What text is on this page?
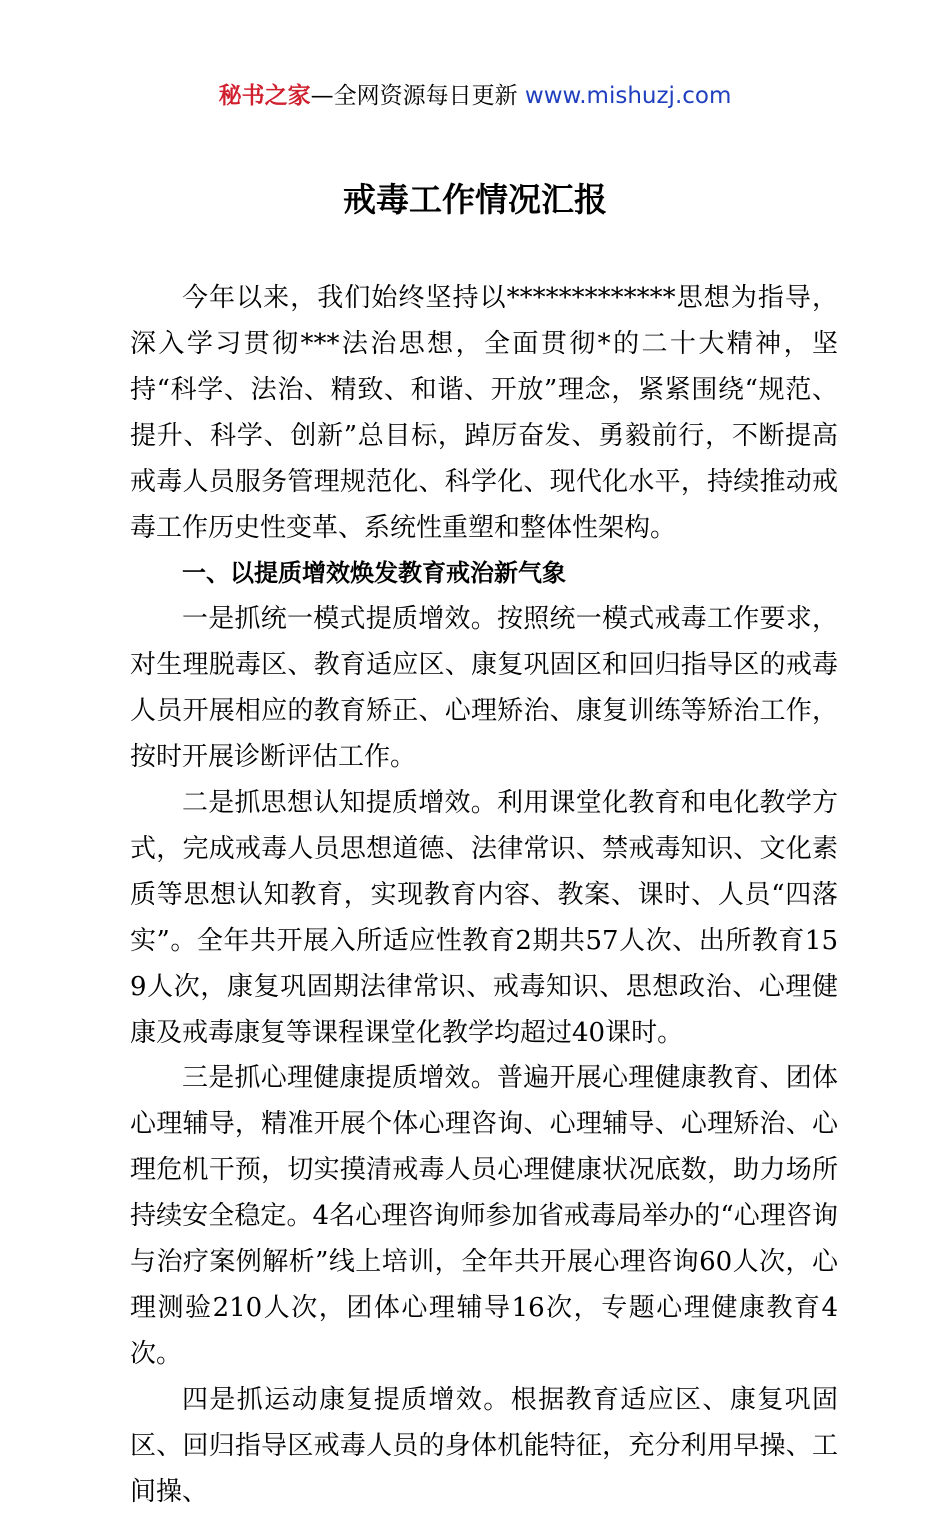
秘书之家—全网资源每日更新 www.mishuzj.com
戒毒工作情况汇报

今年以来，我们始终坚持以*************思想为指导，深入学习贯彻***法治思想，全面贯彻*的二十大精神，坚持“科学、法治、精致、和谐、开放”理念，紧紧围绕“规范、提升、科学、创新”总目标，踔厉奋发、勇毅前行，不断提高戒毒人员服务管理规范化、科学化、现代化水平，持续推动戒毒工作历史性变革、系统性重塑和整体性架构。

一、以提质增效焕发教育戒治新气象

一是抓统一模式提质增效。按照统一模式戒毒工作要求，对生理脱毒区、教育适应区、康复巩固区和回归指导区的戒毒人员开展相应的教育矫正、心理矫治、康复训练等矫治工作，按时开展诊断评估工作。

二是抓思想认知提质增效。利用课堂化教育和电化教学方式，完成戒毒人员思想道德、法律常识、禁戒毒知识、文化素质等思想认知教育，实现教育内容、教案、课时、人员“四落实”。全年共开展入所适应性教育2期共57人次、出所教育159人次，康复巩固期法律常识、戒毒知识、思想政治、心理健康及戒毒康复等课程课堂化教学均超过40课时。

三是抓心理健康提质增效。普遍开展心理健康教育、团体心理辅导，精准开展个体心理咨询、心理辅导、心理矫治、心理危机干预，切实摸清戒毒人员心理健康状况底数，助力场所持续安全稳定。4名心理咨询师参加省戒毒局举办的“心理咨询与治疗案例解析”线上培训，全年共开展心理咨询60人次，心理测验210人次，团体心理辅导16次，专题心理健康教育4次。

四是抓运动康复提质增效。根据教育适应区、康复巩固区、回归指导区戒毒人员的身体机能特征，充分利用早操、工间操、
